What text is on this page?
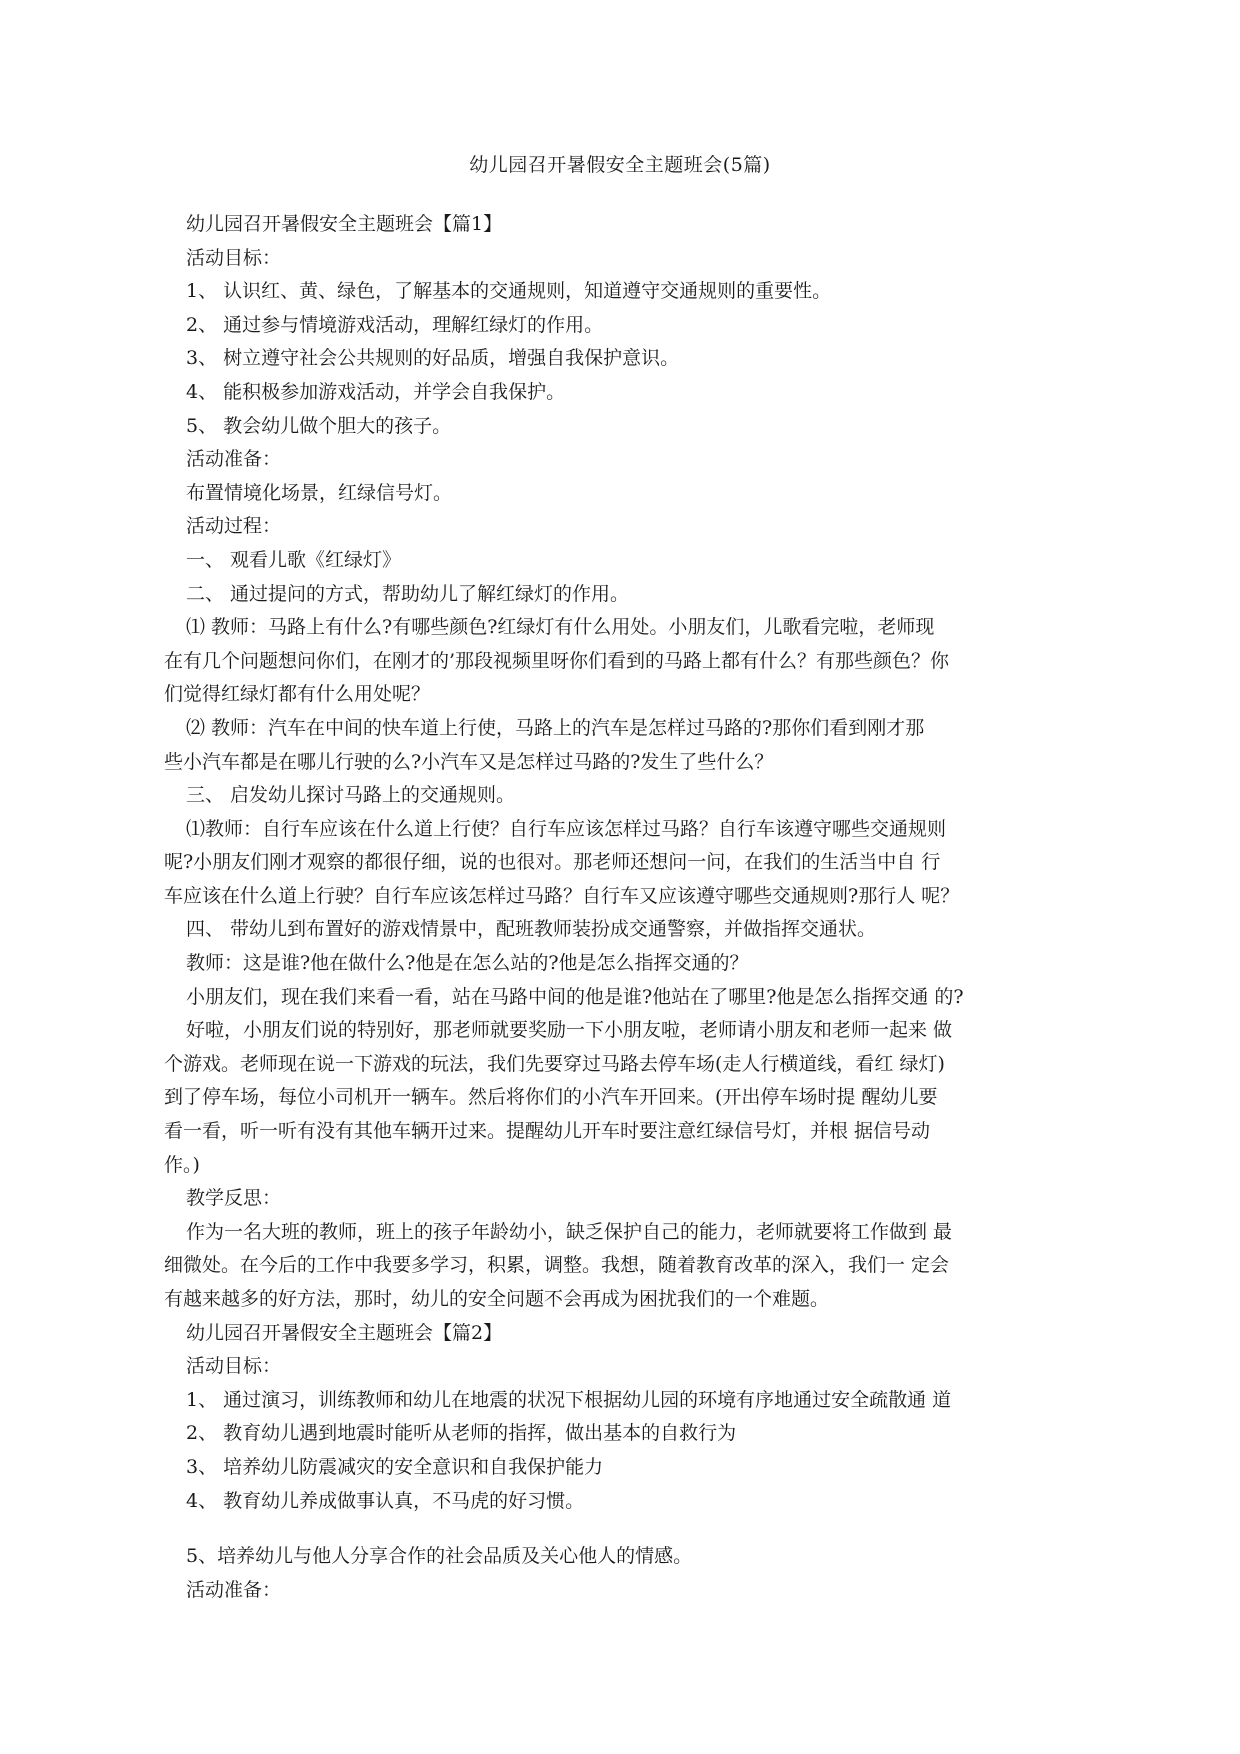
幼儿园召开暑假安全主题班会(5篇)
幼儿园召开暑假安全主题班会【篇1】
活动目标：
1、 认识红、黄、绿色，了解基本的交通规则，知道遵守交通规则的重要性。
2、 通过参与情境游戏活动，理解红绿灯的作用。
3、 树立遵守社会公共规则的好品质，增强自我保护意识。
4、 能积极参加游戏活动，并学会自我保护。
5、 教会幼儿做个胆大的孩子。
活动准备：
布置情境化场景，红绿信号灯。
活动过程：
一、 观看儿歌《红绿灯》
二、 通过提问的方式，帮助幼儿了解红绿灯的作用。
⑴ 教师：马路上有什么?有哪些颜色?红绿灯有什么用处。小朋友们，儿歌看完啦，老师现
在有几个问题想问你们，在刚才的’那段视频里呀你们看到的马路上都有什么？有那些颜色？你
们觉得红绿灯都有什么用处呢？
⑵ 教师：汽车在中间的快车道上行使，马路上的汽车是怎样过马路的?那你们看到刚才那
些小汽车都是在哪儿行驶的么?小汽车又是怎样过马路的?发生了些什么？
三、 启发幼儿探讨马路上的交通规则。
⑴教师：自行车应该在什么道上行使？自行车应该怎样过马路？自行车该遵守哪些交通规则
呢?小朋友们刚才观察的都很仔细，说的也很对。那老师还想问一问，在我们的生活当中自 行
车应该在什么道上行驶？自行车应该怎样过马路？自行车又应该遵守哪些交通规则?那行人 呢？
四、 带幼儿到布置好的游戏情景中，配班教师装扮成交通警察，并做指挥交通状。
教师：这是谁?他在做什么?他是在怎么站的?他是怎么指挥交通的？
小朋友们，现在我们来看一看，站在马路中间的他是谁?他站在了哪里?他是怎么指挥交通 的?
好啦，小朋友们说的特别好，那老师就要奖励一下小朋友啦，老师请小朋友和老师一起来 做
个游戏。老师现在说一下游戏的玩法，我们先要穿过马路去停车场(走人行横道线，看红 绿灯)
到了停车场，每位小司机开一辆车。然后将你们的小汽车开回来。(开出停车场时提 醒幼儿要
看一看，听一听有没有其他车辆开过来。提醒幼儿开车时要注意红绿信号灯，并根 据信号动
作。)
教学反思：
作为一名大班的教师，班上的孩子年龄幼小，缺乏保护自己的能力，老师就要将工作做到 最
细微处。在今后的工作中我要多学习，积累，调整。我想，随着教育改革的深入，我们一 定会
有越来越多的好方法，那时，幼儿的安全问题不会再成为困扰我们的一个难题。
幼儿园召开暑假安全主题班会【篇2】
活动目标：
1、 通过演习，训练教师和幼儿在地震的状况下根据幼儿园的环境有序地通过安全疏散通 道
2、 教育幼儿遇到地震时能听从老师的指挥，做出基本的自救行为
3、 培养幼儿防震减灾的安全意识和自我保护能力
4、 教育幼儿养成做事认真，不马虎的好习惯。
5、培养幼儿与他人分享合作的社会品质及关心他人的情感。
活动准备：
